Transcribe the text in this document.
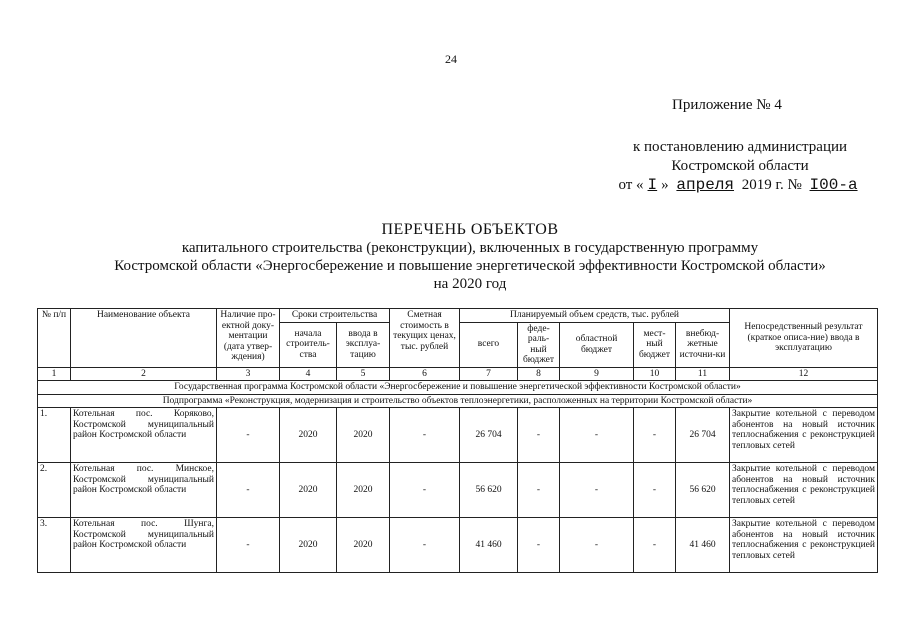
24
Приложение № 4
к постановлению администрации
Костромской области
от « I » апреля 2019 г. № I00-а
ПЕРЕЧЕНЬ ОБЪЕКТОВ
капитального строительства (реконструкции), включенных в государственную программу
Костромской области «Энергосбережение и повышение энергетической эффективности Костромской области»
на 2020 год
№ п/п	Наименование объекта	Наличие про-ектной доку-ментации (дата утвер-ждения)	Сроки строительства		Сметная стоимость в текущих ценах, тыс. рублей	Планируемый объем средств, тыс. рублей					Непосредственный результат (краткое описа-ние) ввода в эксплуатацию
			начала строитель-ства	ввода в эксплуа-тацию		всего	феде-раль-ный бюджет	областной бюджет	мест-ный бюджет	внебюд-жетные источни-ки	
1	2	3	4	5	6	7	8	9	10	11	12
Государственная программа Костромской области «Энергосбережение и повышение энергетической эффективности Костромской области»											
Подпрограмма «Реконструкция, модернизация и строительство объектов теплоэнергетики, расположенных на территории Костромской области»											
1.	Котельная пос. Коряково, Костромской муниципальный район Костромской области	-	2020	2020	-	26 704	-	-	-	26 704	Закрытие котельной с переводом абонентов на новый источник теплоснабжения с реконструкцией тепловых сетей
2.	Котельная пос. Минское, Костромской муниципальный район Костромской области	-	2020	2020	-	56 620	-	-	-	56 620	Закрытие котельной с переводом абонентов на новый источник теплоснабжения с реконструкцией тепловых сетей
3.	Котельная пос. Шунга, Костромской муниципальный район Костромской области	-	2020	2020	-	41 460	-	-	-	41 460	Закрытие котельной с переводом абонентов на новый источник теплоснабжения с реконструкцией тепловых сетей
